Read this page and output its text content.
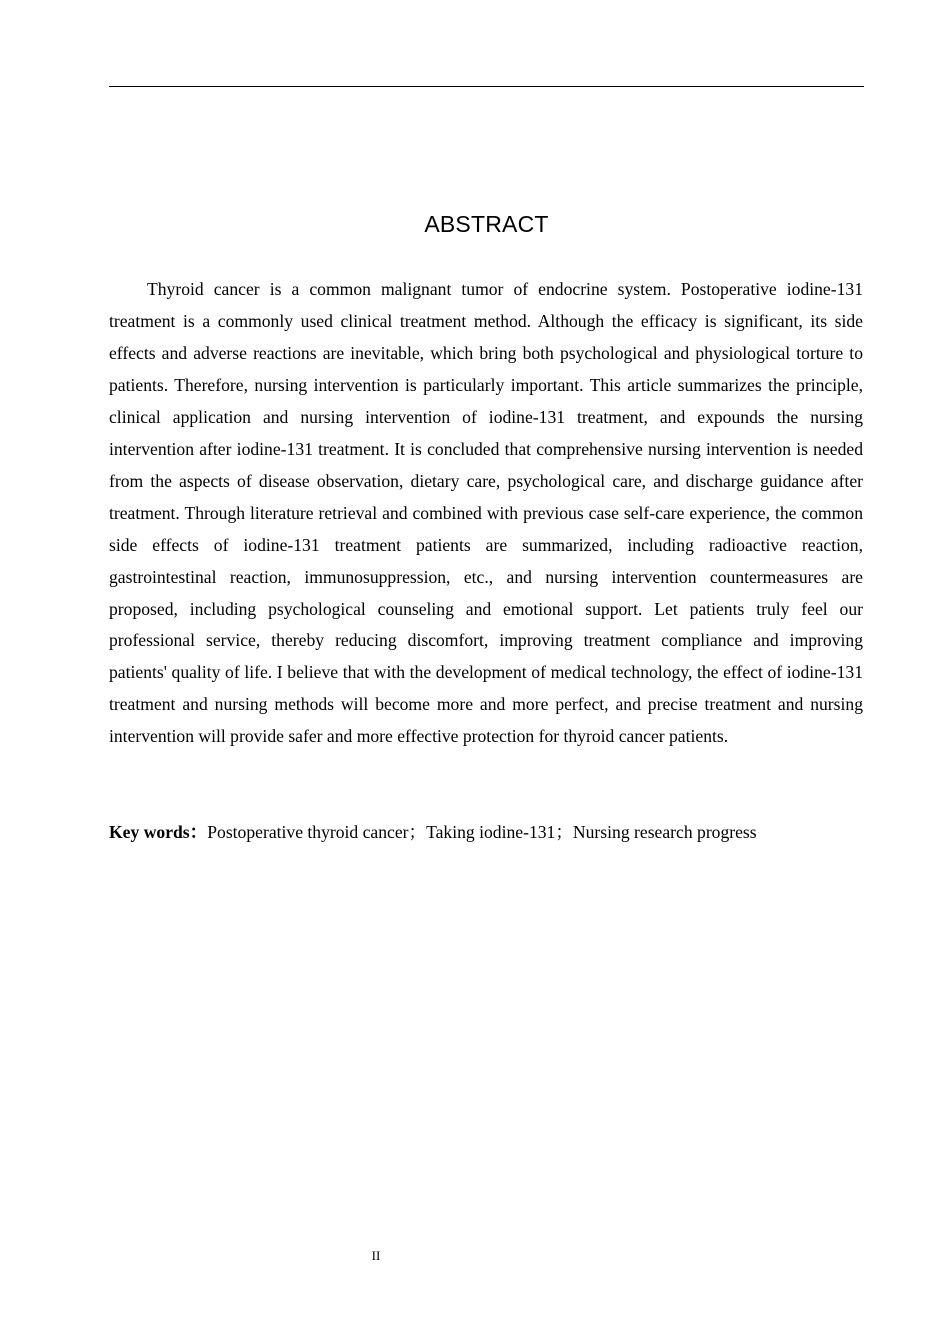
ABSTRACT

Thyroid cancer is a common malignant tumor of endocrine system. Postoperative iodine-131 treatment is a commonly used clinical treatment method. Although the efficacy is significant, its side effects and adverse reactions are inevitable, which bring both psychological and physiological torture to patients. Therefore, nursing intervention is particularly important. This article summarizes the principle, clinical application and nursing intervention of iodine-131 treatment, and expounds the nursing intervention after iodine-131 treatment. It is concluded that comprehensive nursing intervention is needed from the aspects of disease observation, dietary care, psychological care, and discharge guidance after treatment. Through literature retrieval and combined with previous case self-care experience, the common side effects of iodine-131 treatment patients are summarized, including radioactive reaction, gastrointestinal reaction, immunosuppression, etc., and nursing intervention countermeasures are proposed, including psychological counseling and emotional support. Let patients truly feel our professional service, thereby reducing discomfort, improving treatment compliance and improving patients' quality of life. I believe that with the development of medical technology, the effect of iodine-131 treatment and nursing methods will become more and more perfect, and precise treatment and nursing intervention will provide safer and more effective protection for thyroid cancer patients.

Key words：Postoperative thyroid cancer；Taking iodine-131；Nursing research progress

II
